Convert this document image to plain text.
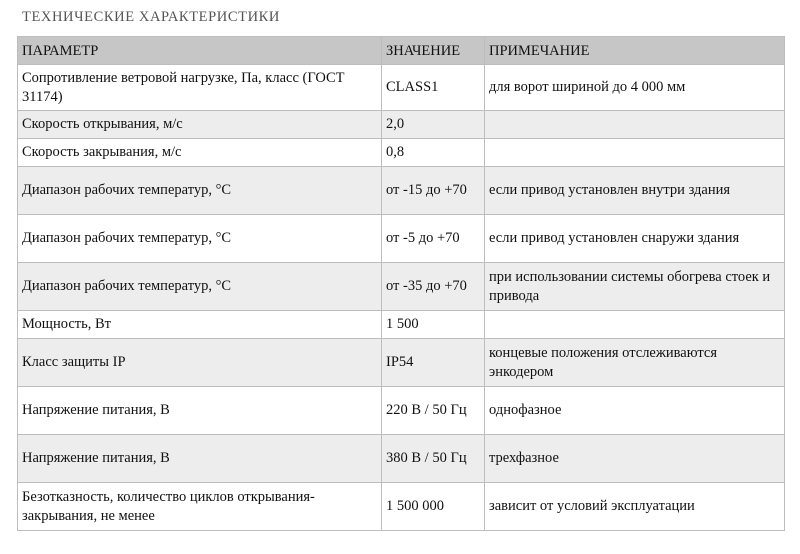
ТЕХНИЧЕСКИЕ ХАРАКТЕРИСТИКИ
ПАРАМЕТР	ЗНАЧЕНИЕ	ПРИМЕЧАНИЕ
Сопротивление ветровой нагрузке, Па, класс (ГОСТ 31174)	CLASS1	для ворот шириной до 4 000 мм
Скорость открывания, м/с	2,0	
Скорость закрывания, м/с	0,8	
Диапазон рабочих температур, °С	от -15 до +70	если привод установлен внутри здания
Диапазон рабочих температур, °С	от -5 до +70	если привод установлен снаружи здания
Диапазон рабочих температур, °С	от -35 до +70	при использовании системы обогрева стоек и привода
Мощность, Вт	1 500	
Класс защиты IP	IP54	концевые положения отслеживаются энкодером
Напряжение питания, В	220 В / 50 Гц	однофазное
Напряжение питания, В	380 В / 50 Гц	трехфазное
Безотказность, количество циклов открывания-закрывания, не менее	1 500 000	зависит от условий эксплуатации
